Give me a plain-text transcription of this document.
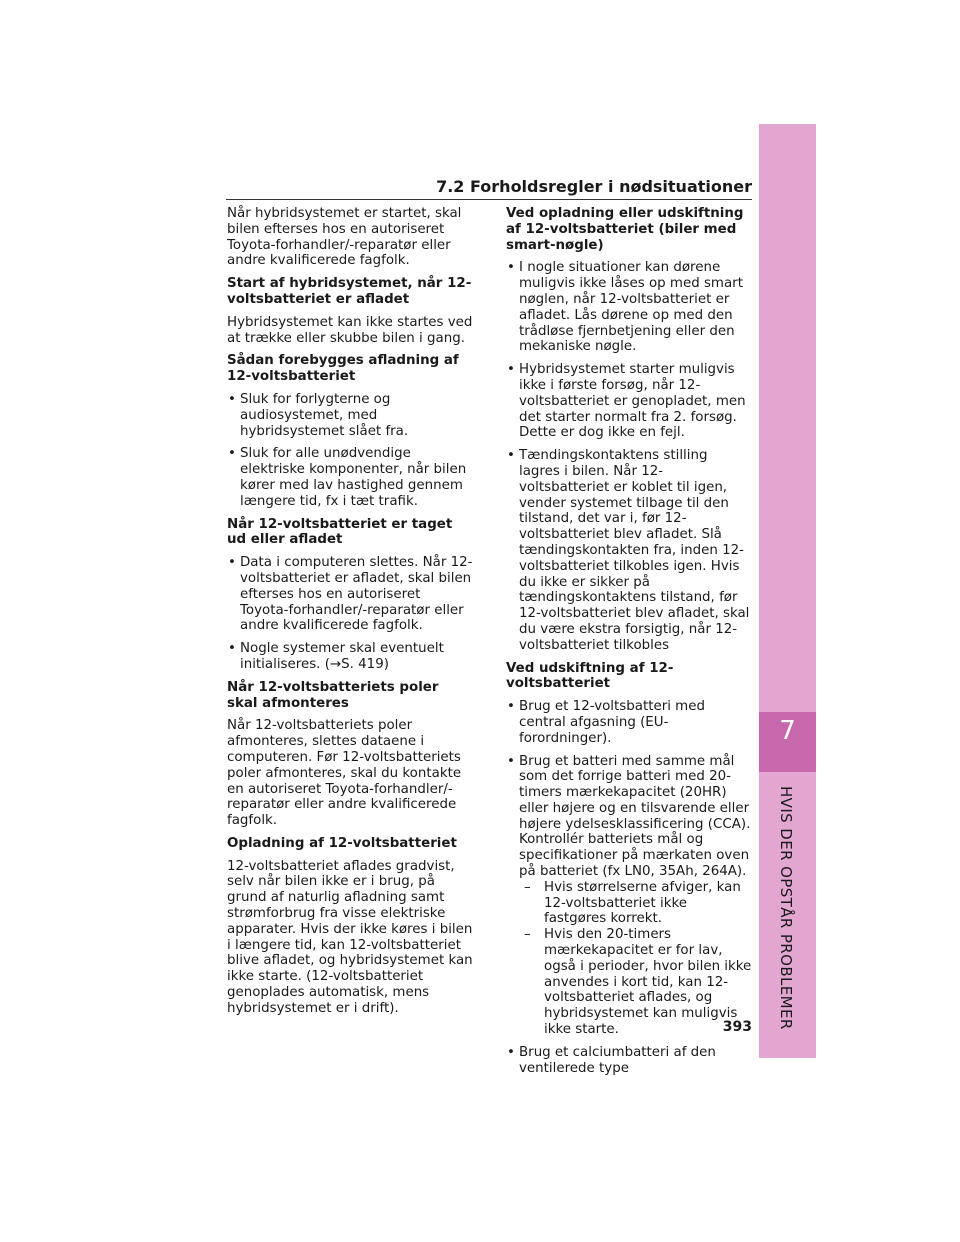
7
HVIS DER OPSTÅR PROBLEMER
7.2 Forholdsregler i nødsituationer

Når hybridsystemet er startet, skal bilen efterses hos en autoriseret Toyota-forhandler/-reparatør eller andre kvalificerede fagfolk.

Start af hybridsystemet, når 12-voltsbatteriet er afladet

Hybridsystemet kan ikke startes ved at trække eller skubbe bilen i gang.

Sådan forebygges afladning af 12-voltsbatteriet
• Sluk for forlygterne og audiosystemet, med hybridsystemet slået fra.
• Sluk for alle unødvendige elektriske komponenter, når bilen kører med lav hastighed gennem længere tid, fx i tæt trafik.
Når 12-voltsbatteriet er taget ud eller afladet
• Data i computeren slettes. Når 12-voltsbatteriet er afladet, skal bilen efterses hos en autoriseret Toyota-forhandler/-reparatør eller andre kvalificerede fagfolk.
• Nogle systemer skal eventuelt initialiseres. (→S. 419)
Når 12-voltsbatteriets poler skal afmonteres

Når 12-voltsbatteriets poler afmonteres, slettes dataene i computeren. Før 12-voltsbatteriets poler afmonteres, skal du kontakte en autoriseret Toyota-forhandler/-reparatør eller andre kvalificerede fagfolk.

Opladning af 12-voltsbatteriet

12-voltsbatteriet aflades gradvist, selv når bilen ikke er i brug, på grund af naturlig afladning samt strømforbrug fra visse elektriske apparater. Hvis der ikke køres i bilen i længere tid, kan 12-voltsbatteriet blive afladet, og hybridsystemet kan ikke starte. (12-voltsbatteriet genoplades automatisk, mens hybridsystemet er i drift).

Ved opladning eller udskiftning af 12-voltsbatteriet (biler med smart-nøgle)
• I nogle situationer kan dørene muligvis ikke låses op med smart nøglen, når 12-voltsbatteriet er afladet. Lås dørene op med den trådløse fjernbetjening eller den mekaniske nøgle.
• Hybridsystemet starter muligvis ikke i første forsøg, når 12-voltsbatteriet er genopladet, men det starter normalt fra 2. forsøg. Dette er dog ikke en fejl.
• Tændingskontaktens stilling lagres i bilen. Når 12-voltsbatteriet er koblet til igen, vender systemet tilbage til den tilstand, det var i, før 12-voltsbatteriet blev afladet. Slå tændingskontakten fra, inden 12-voltsbatteriet tilkobles igen. Hvis du ikke er sikker på tændingskontaktens tilstand, før 12-voltsbatteriet blev afladet, skal du være ekstra forsigtig, når 12-voltsbatteriet tilkobles
Ved udskiftning af 12-voltsbatteriet
• Brug et 12-voltsbatteri med central afgasning (EU-forordninger).
• Brug et batteri med samme mål som det forrige batteri med 20-timers mærkekapacitet (20HR) eller højere og en tilsvarende eller højere ydelsesklassificering (CCA). Kontrollér batteriets mål og specifikationer på mærkaten oven på batteriet (fx LN0, 35Ah, 264A).
– Hvis størrelserne afviger, kan 12-voltsbatteriet ikke fastgøres korrekt.
– Hvis den 20-timers mærkekapacitet er for lav, også i perioder, hvor bilen ikke anvendes i kort tid, kan 12-voltsbatteriet aflades, og hybridsystemet kan muligvis ikke starte.
• Brug et calciumbatteri af den ventilerede type
393
